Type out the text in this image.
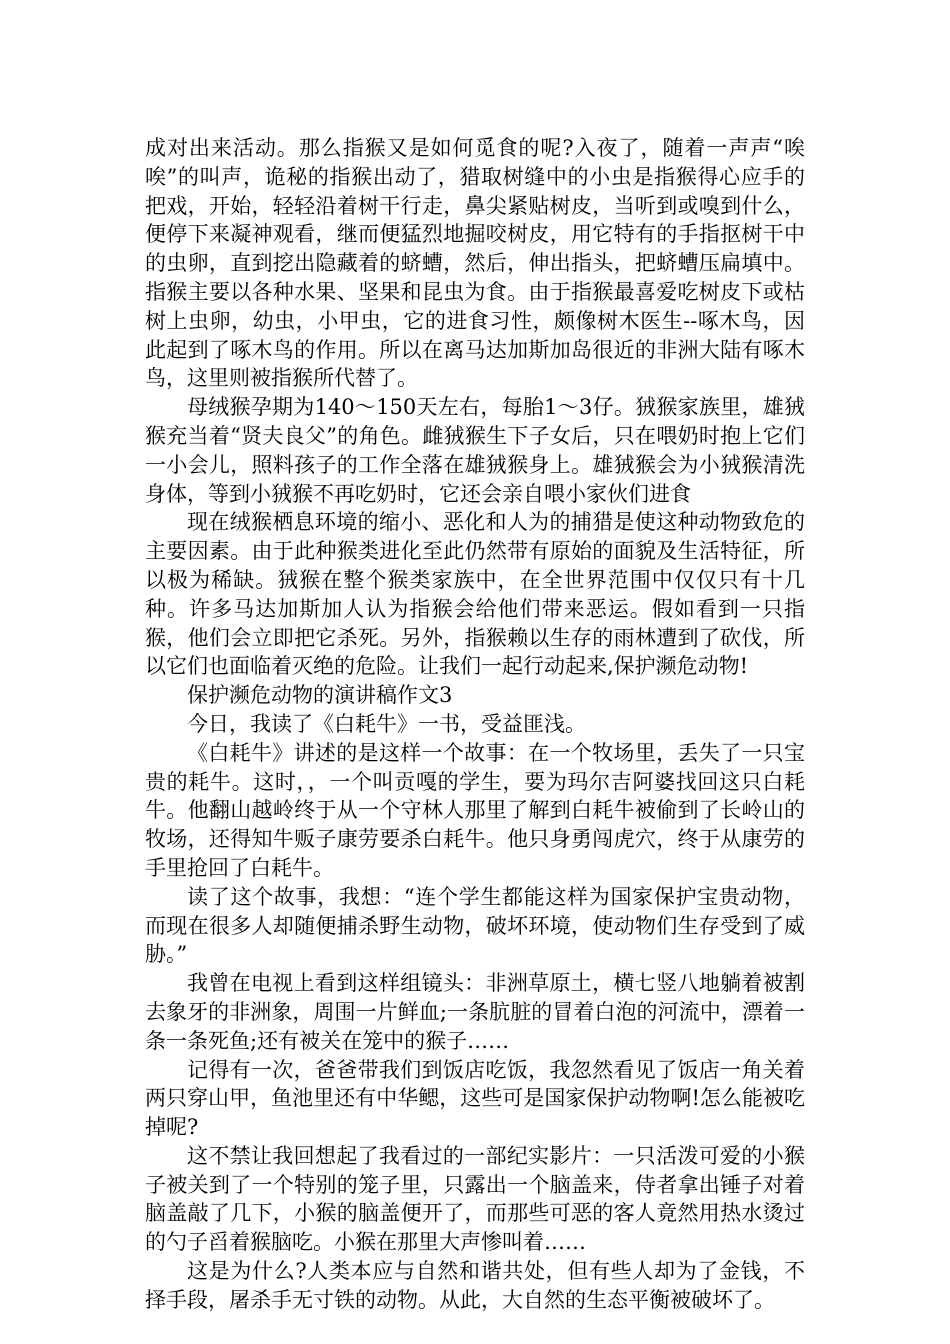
成对出来活动。那么指猴又是如何觅食的呢?入夜了，随着一声声“唉唉”的叫声，诡秘的指猴出动了，猎取树缝中的小虫是指猴得心应手的把戏，开始，轻轻沿着树干行走，鼻尖紧贴树皮，当听到或嗅到什么，便停下来凝神观看，继而便猛烈地掘咬树皮，用它特有的手指抠树干中的虫卵，直到挖出隐藏着的蛴螬，然后，伸出指头，把蛴螬压扁填中。指猴主要以各种水果、坚果和昆虫为食。由于指猴最喜爱吃树皮下或枯树上虫卵，幼虫，小甲虫，它的进食习性，颇像树木医生--啄木鸟，因此起到了啄木鸟的作用。所以在离马达加斯加岛很近的非洲大陆有啄木鸟，这里则被指猴所代替了。

母绒猴孕期为140～150天左右，每胎1～3仔。狨猴家族里，雄狨猴充当着“贤夫良父”的角色。雌狨猴生下子女后，只在喂奶时抱上它们一小会儿，照料孩子的工作全落在雄狨猴身上。雄狨猴会为小狨猴清洗身体，等到小狨猴不再吃奶时，它还会亲自喂小家伙们进食

现在绒猴栖息环境的缩小、恶化和人为的捕猎是使这种动物致危的主要因素。由于此种猴类进化至此仍然带有原始的面貌及生活特征，所以极为稀缺。狨猴在整个猴类家族中，在全世界范围中仅仅只有十几种。许多马达加斯加人认为指猴会给他们带来恶运。假如看到一只指猴，他们会立即把它杀死。另外，指猴赖以生存的雨林遭到了砍伐，所以它们也面临着灭绝的危险。让我们一起行动起来,保护濒危动物!

保护濒危动物的演讲稿作文3

今日，我读了《白耗牛》一书，受益匪浅。

《白耗牛》讲述的是这样一个故事：在一个牧场里，丢失了一只宝贵的耗牛。这时，，一个叫贡嘎的学生，要为玛尔吉阿婆找回这只白耗牛。他翻山越岭终于从一个守林人那里了解到白耗牛被偷到了长岭山的牧场，还得知牛贩子康劳要杀白耗牛。他只身勇闯虎穴，终于从康劳的手里抢回了白耗牛。

读了这个故事，我想：“连个学生都能这样为国家保护宝贵动物，而现在很多人却随便捕杀野生动物，破坏环境，使动物们生存受到了威胁。”

我曾在电视上看到这样组镜头：非洲草原土，横七竖八地躺着被割去象牙的非洲象，周围一片鲜血;一条肮脏的冒着白泡的河流中，漂着一条一条死鱼;还有被关在笼中的猴子……

记得有一次，爸爸带我们到饭店吃饭，我忽然看见了饭店一角关着两只穿山甲，鱼池里还有中华鳃，这些可是国家保护动物啊!怎么能被吃掉呢?

这不禁让我回想起了我看过的一部纪实影片：一只活泼可爱的小猴子被关到了一个特别的笼子里，只露出一个脑盖来，侍者拿出锤子对着脑盖敲了几下，小猴的脑盖便开了，而那些可恶的客人竟然用热水烫过的勺子舀着猴脑吃。小猴在那里大声惨叫着……

这是为什么?人类本应与自然和谐共处，但有些人却为了金钱，不择手段，屠杀手无寸铁的动物。从此，大自然的生态平衡被破坏了。
